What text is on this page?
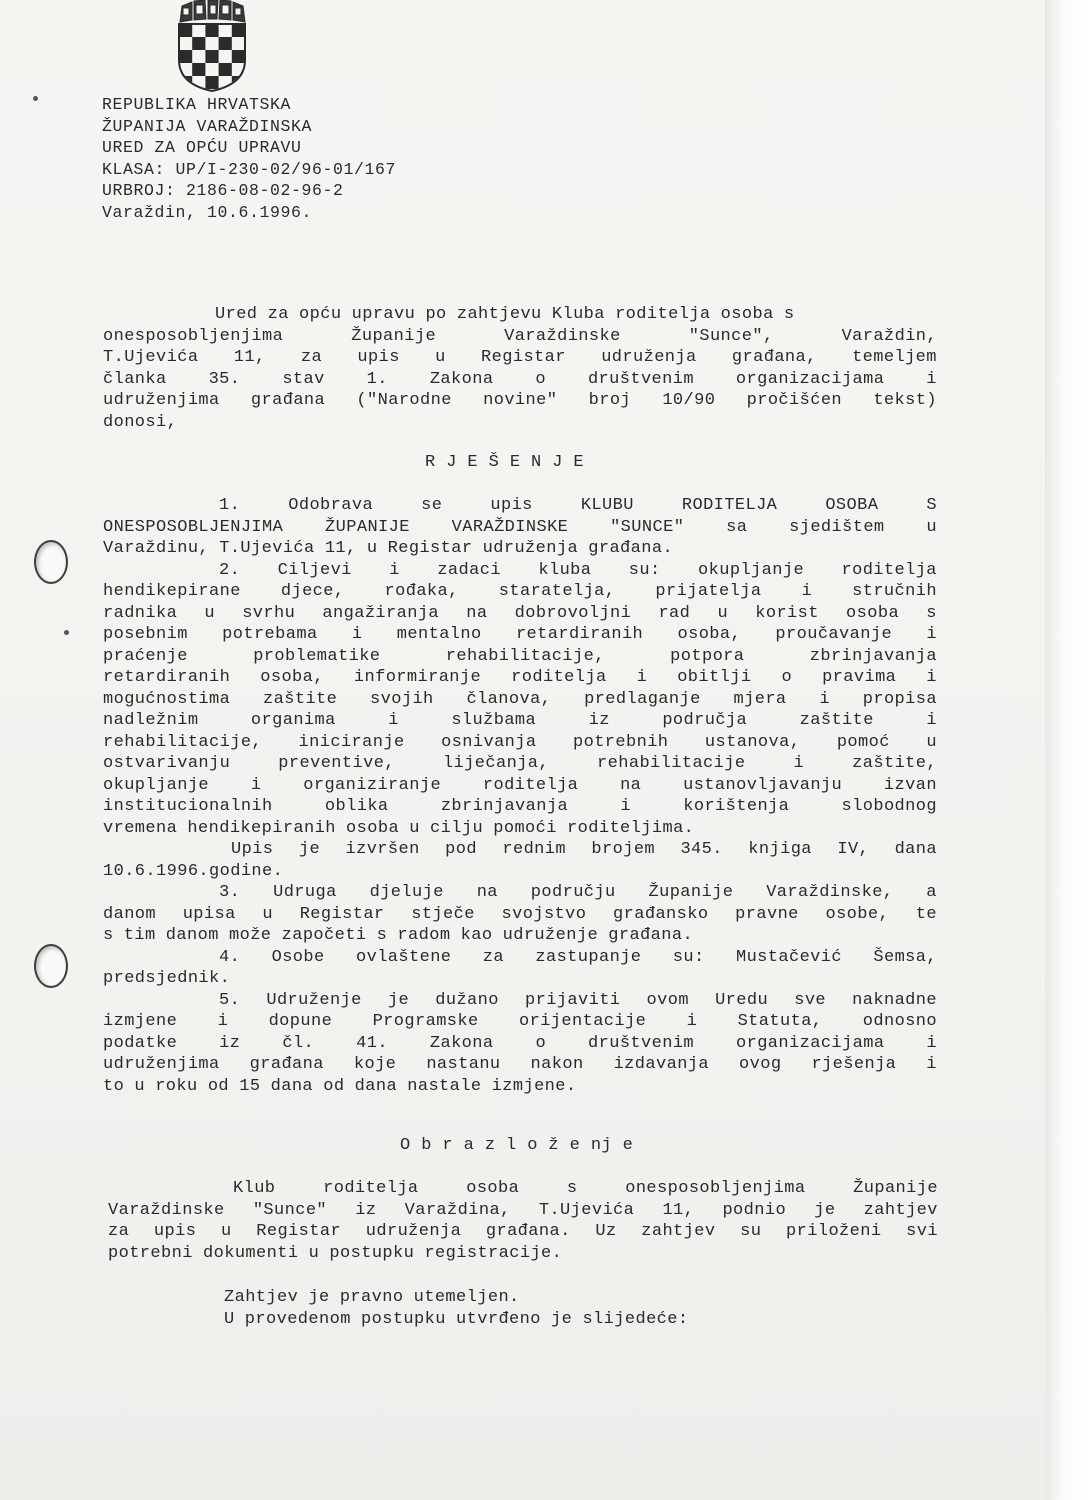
REPUBLIKA HRVATSKA
ŽUPANIJA VARAŽDINSKA
URED ZA OPĆU UPRAVU
KLASA: UP/I-230-02/96-01/167
URBROJ: 2186-08-02-96-2
Varaždin, 10.6.1996.
Ured za opću upravu po zahtjevu Kluba roditelja osoba s
onesposobljenjima	Županije	Varaždinske	"Sunce",	Varaždin,
T.Ujevića 11, za upis u Registar udruženja građana, temeljem
članka 35. stav 1. Zakona o društvenim organizacijama i
udruženjima građana ("Narodne novine" broj 10/90 pročišćen tekst)
donosi,
R J E Š E N J E
1.	Odobrava	se	upis	KLUBU	RODITELJA	OSOBA	S
ONESPOSOBLJENJIMA ŽUPANIJE VARAŽDINSKE "SUNCE" sa sjedištem u
Varaždinu, T.Ujevića 11, u Registar udruženja građana.
2. Ciljevi i zadaci kluba su: okupljanje roditelja
hendikepirane djece, rođaka, staratelja, prijatelja i stručnih
radnika u svrhu angažiranja na dobrovoljni rad u korist osoba s
posebnim potrebama i mentalno retardiranih osoba, proučavanje i
praćenje	problematike	rehabilitacije,	potpora	zbrinjavanja
retardiranih osoba, informiranje roditelja i obitlji o pravima i
mogućnostima zaštite svojih članova, predlaganje mjera i propisa
nadležnim	organima	i	službama	iz	područja	zaštite	i
rehabilitacije, iniciranje osnivanja potrebnih ustanova, pomoć u
ostvarivanju	preventive,	liječanja,	rehabilitacije	i	zaštite,
okupljanje i organiziranje roditelja na ustanovljavanju izvan
institucionalnih	oblika	zbrinjavanja	i	korištenja	slobodnog
vremena hendikepiranih osoba u cilju pomoći roditeljima.
Upis je izvršen pod rednim brojem 345. knjiga IV, dana
10.6.1996.godine.
3. Udruga djeluje na području Županije Varaždinske, a
danom upisa u Registar stječe svojstvo građansko pravne osobe, te
s tim danom može započeti s radom kao udruženje građana.
4. Osobe ovlaštene za zastupanje su: Mustačević Šemsa,
predsjednik.
5. Udruženje je dužano prijaviti ovom Uredu sve naknadne
izmjene i dopune Programske orijentacije i Statuta, odnosno
podatke iz čl. 41. Zakona o društvenim organizacijama i
udruženjima građana koje nastanu nakon izdavanja ovog rješenja i
to u roku od 15 dana od dana nastale izmjene.
O b r a z l o ž e nj e
Klub	roditelja	osoba	s	onesposobljenjima	Županije
Varaždinske "Sunce" iz Varaždina, T.Ujevića 11, podnio je zahtjev
za upis u Registar udruženja građana. Uz zahtjev su priloženi svi
potrebni dokumenti u postupku registracije.
Zahtjev je pravno utemeljen.
U provedenom postupku utvrđeno je slijedeće:
